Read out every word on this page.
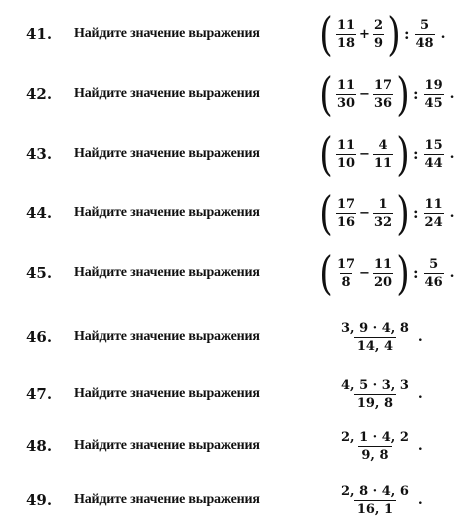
41.	Найдите значение выражения ( $\frac{11}{18} + \frac{2}{9}$ ) : $\frac{5}{48}$ .
42.	Найдите значение выражения ( $\frac{11}{30} - \frac{17}{36}$ ) : $\frac{19}{45}$ .
43.	Найдите значение выражения ( $\frac{11}{10} - \frac{4}{11}$ ) : $\frac{15}{44}$ .
44.	Найдите значение выражения ( $\frac{17}{16} - \frac{1}{32}$ ) : $\frac{11}{24}$ .
45.	Найдите значение выражения ( $\frac{17}{8} - \frac{11}{20}$ ) : $\frac{5}{46}$ .
46.	Найдите значение выражения	$\frac{3, 9 \cdot 4, 8}{14, 4}$ .
47.	Найдите значение выражения	$\frac{4, 5 \cdot 3, 3}{19, 8}$ .
48.	Найдите значение выражения	$\frac{2, 1 \cdot 4, 2}{9, 8}$ .
49.	Найдите значение выражения	$\frac{2, 8 \cdot 4, 6}{16, 1}$ .
